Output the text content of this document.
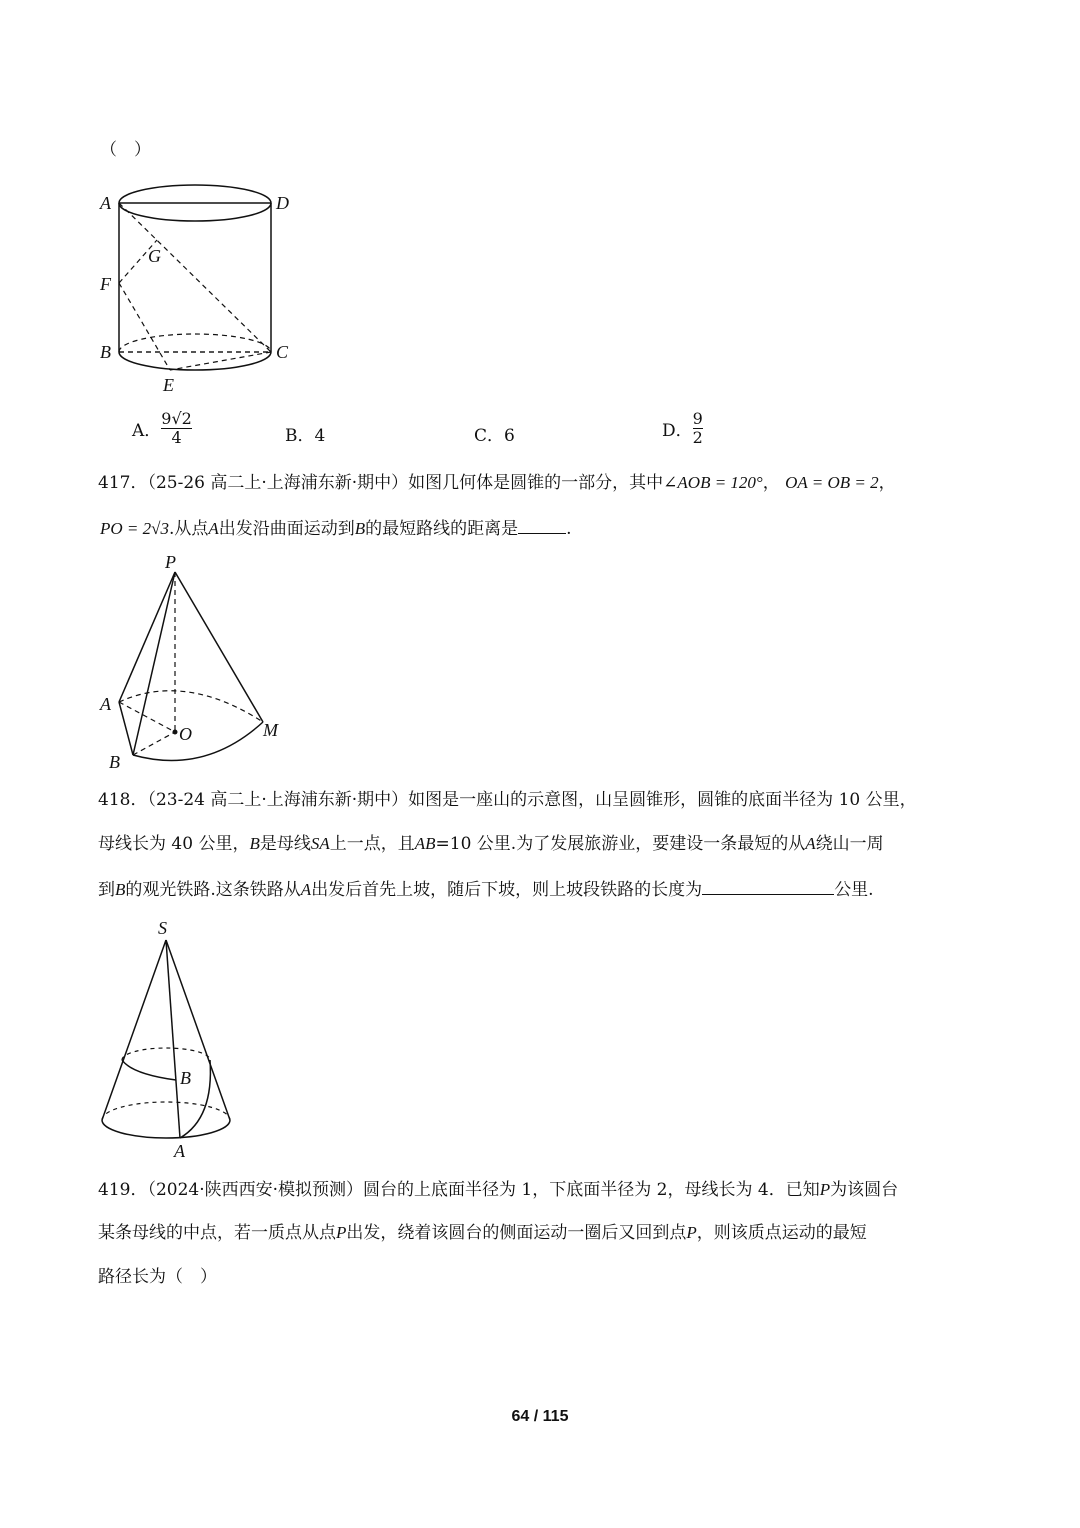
（　）
A	D
G
F
B	C
E
A． $\frac{9√2}{4}$	B．4	C．6	D． $\frac{9}{2}$
417．（25-26 高二上·上海浦东新·期中）如图几何体是圆锥的一部分，其中∠AOB = 120°， OA = OB = 2，
PO = 2√3.从点A出发沿曲面运动到B的最短路线的距离是	.
P
A
O	M
B
418．（23-24 高二上·上海浦东新·期中）如图是一座山的示意图，山呈圆锥形，圆锥的底面半径为 10 公里，
母线长为 40 公里，B是母线SA上一点，且AB=10 公里.为了发展旅游业，要建设一条最短的从A绕山一周
到B的观光铁路.这条铁路从A出发后首先上坡，随后下坡，则上坡段铁路的长度为	公里.
S
B
A
419．（2024·陕西西安·模拟预测）圆台的上底面半径为 1，下底面半径为 2，母线长为 4．已知P为该圆台
某条母线的中点，若一质点从点P出发，绕着该圆台的侧面运动一圈后又回到点P，则该质点运动的最短
路径长为（　）
64 / 115
